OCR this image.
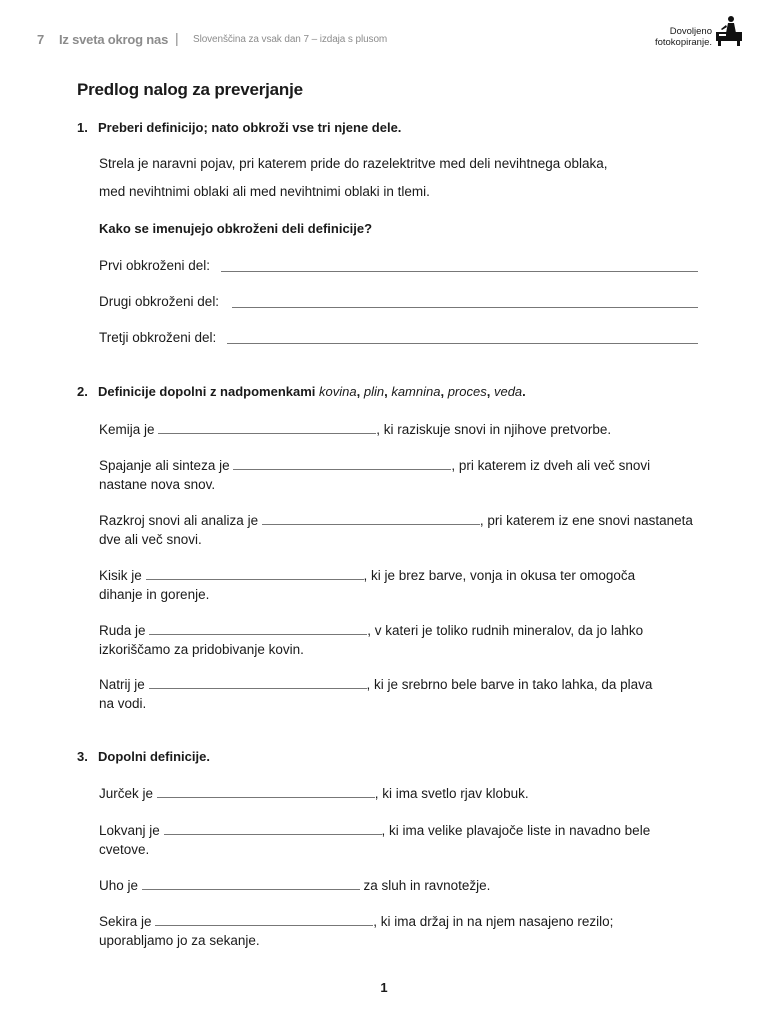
7 Iz sveta okrog nas | Slovenščina za vsak dan 7 – izdaja s plusom
Dovoljeno
fotokopiranje.
Predlog nalog za preverjanje
1. Preberi definicijo; nato obkroži vse tri njene dele.
Strela je naravni pojav, pri katerem pride do razelektritve med deli nevihtnega oblaka,
med nevihtnimi oblaki ali med nevihtnimi oblaki in tlemi.
Kako se imenujejo obkroženi deli definicije?
Prvi obkroženi del:
Drugi obkroženi del:
Tretji obkroženi del:
2. Definicije dopolni z nadpomenkami kovina, plin, kamnina, proces, veda.
Kemija je	, ki raziskuje snovi in njihove pretvorbe.
Spajanje ali sinteza je	, pri katerem iz dveh ali več snovi
nastane nova snov.
Razkroj snovi ali analiza je	, pri katerem iz ene snovi nastaneta
dve ali več snovi.
Kisik je	, ki je brez barve, vonja in okusa ter omogoča
dihanje in gorenje.
Ruda je	, v kateri je toliko rudnih mineralov, da jo lahko
izkoriščamo za pridobivanje kovin.
Natrij je	, ki je srebrno bele barve in tako lahka, da plava
na vodi.
3. Dopolni definicije.
Jurček je	, ki ima svetlo rjav klobuk.
Lokvanj je	, ki ima velike plavajoče liste in navadno bele
cvetove.
Uho je	za sluh in ravnotežje.
Sekira je	, ki ima držaj in na njem nasajeno rezilo;
uporabljamo jo za sekanje.
1
